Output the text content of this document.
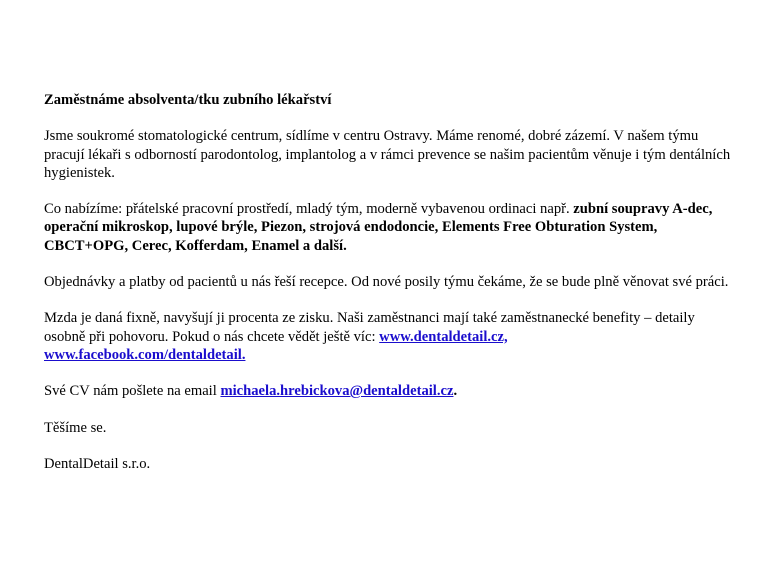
Zaměstnáme absolventa/tku zubního lékařství

Jsme soukromé stomatologické centrum, sídlíme v centru Ostravy. Máme renomé, dobré zázemí. V našem týmu pracují lékaři s odborností parodontolog, implantolog a v rámci prevence se našim pacientům věnuje i tým dentálních hygienistek.

Co nabízíme: přátelské pracovní prostředí, mladý tým, moderně vybavenou ordinaci např. zubní soupravy A-dec, operační mikroskop, lupové brýle, Piezon, strojová endodoncie, Elements Free Obturation System, CBCT+OPG, Cerec, Kofferdam, Enamel a další.

Objednávky a platby od pacientů u nás řeší recepce. Od nové posily týmu čekáme, že se bude plně věnovat své práci.

Mzda je daná fixně, navyšují ji procenta ze zisku. Naši zaměstnanci mají také zaměstnanecké benefity – detaily osobně při pohovoru. Pokud o nás chcete vědět ještě víc: www.dentaldetail.cz,
www.facebook.com/dentaldetail.

Své CV nám pošlete na email michaela.hrebickova@dentaldetail.cz.

Těšíme se.

DentalDetail s.r.o.
